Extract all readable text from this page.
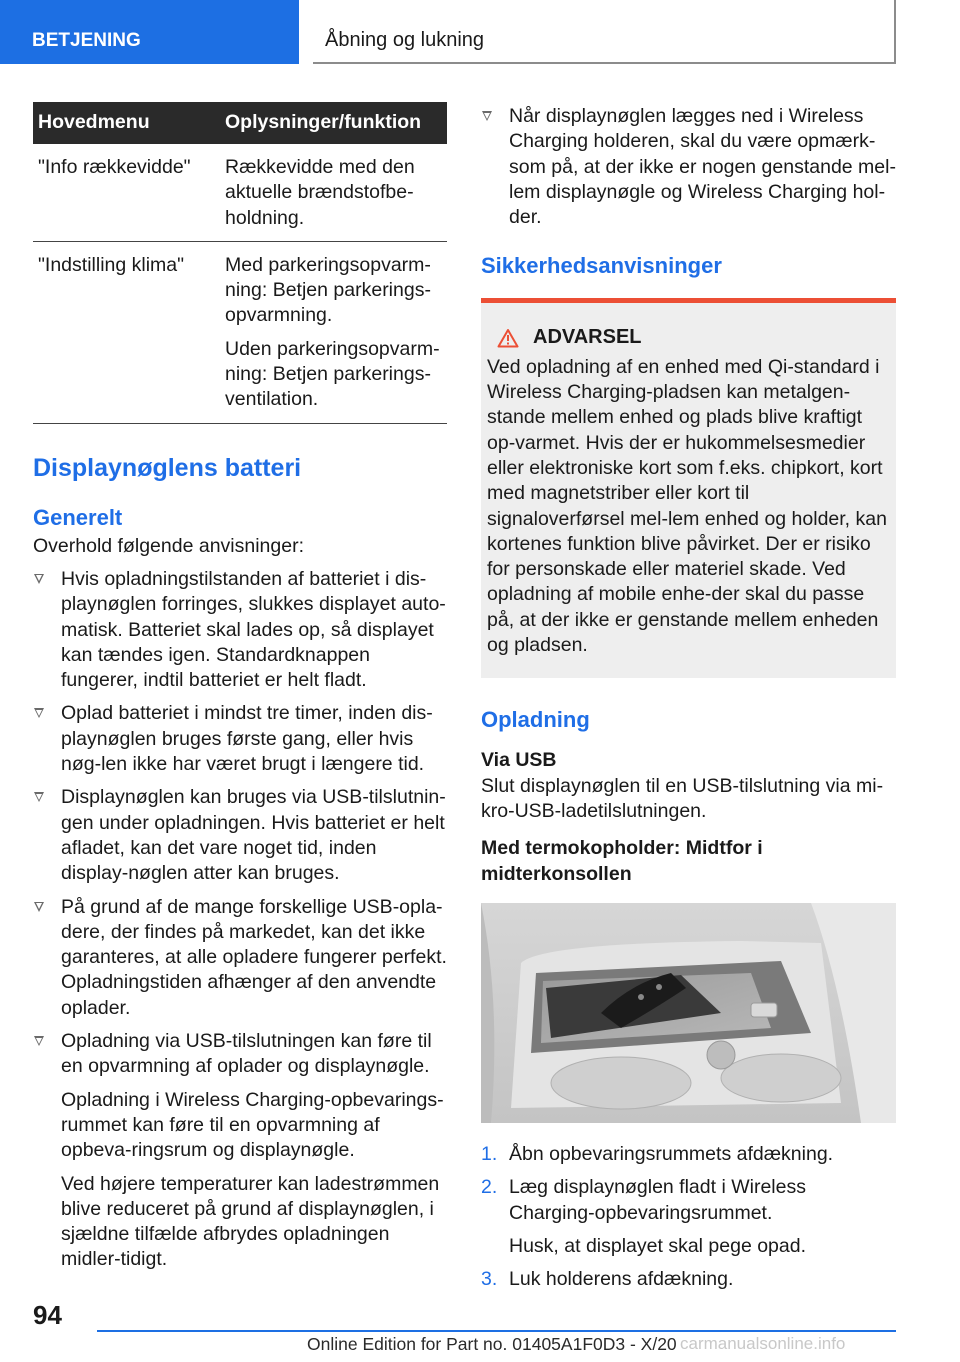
BETJENING	Åbning og lukning
Hovedmenu	Oplysninger/funktion
"Info rækkevidde"	Rækkevidde med den aktuelle brændstofbe-holdning.

"Indstilling klima"	Med parkeringsopvarm-ning: Betjen parkerings-opvarmning.

Uden parkeringsopvarm-ning: Betjen parkerings-ventilation.

Displaynøglens batteri
Generelt

Overhold følgende anvisninger:

Hvis opladningstilstanden af batteriet i dis-playnøglen forringes, slukkes displayet auto-matisk. Batteriet skal lades op, så displayet kan tændes igen. Standardknappen fungerer, indtil batteriet er helt fladt.

Oplad batteriet i mindst tre timer, inden dis-playnøglen bruges første gang, eller hvis nøg-len ikke har været brugt i længere tid.

Displaynøglen kan bruges via USB-tilslutnin-gen under opladningen. Hvis batteriet er helt afladet, kan det vare noget tid, inden display-nøglen atter kan bruges.

På grund af de mange forskellige USB-opla-dere, der findes på markedet, kan det ikke garanteres, at alle opladere fungerer perfekt. Opladningstiden afhænger af den anvendte oplader.

Opladning via USB-tilslutningen kan føre til en opvarmning af oplader og displaynøgle.

Opladning i Wireless Charging-opbevarings-rummet kan føre til en opvarmning af opbeva-ringsrum og displaynøgle.

Ved højere temperaturer kan ladestrømmen blive reduceret på grund af displaynøglen, i sjældne tilfælde afbrydes opladningen midler-tidigt.

Når displaynøglen lægges ned i Wireless Charging holderen, skal du være opmærk-som på, at der ikke er nogen genstande mel-lem displaynøgle og Wireless Charging hol-der.

Sikkerhedsanvisninger
ADVARSEL

Ved opladning af en enhed med Qi-standard i Wireless Charging-pladsen kan metalgen-stande mellem enhed og plads blive kraftigt op-varmet. Hvis der er hukommelsesmedier eller elektroniske kort som f.eks. chipkort, kort med magnetstriber eller kort til signaloverførsel mel-lem enhed og holder, kan kortenes funktion blive påvirket. Der er risiko for personskade eller materiel skade. Ved opladning af mobile enhe-der skal du passe på, at der ikke er genstande mellem enheden og pladsen.

Opladning
Via USB

Slut displaynøglen til en USB-tilslutning via mi-kro-USB-ladetilslutningen.

Med termokopholder: Midtfor i midterkonsollen
1. Åbn opbevaringsrummets afdækning.

2. Læg displaynøglen fladt i Wireless Charging-opbevaringsrummet.

Husk, at displayet skal pege opad.

3. Luk holderens afdækning.

94
Online Edition for Part no. 01405A1F0D3 - X/20 carmanualsonline.info
